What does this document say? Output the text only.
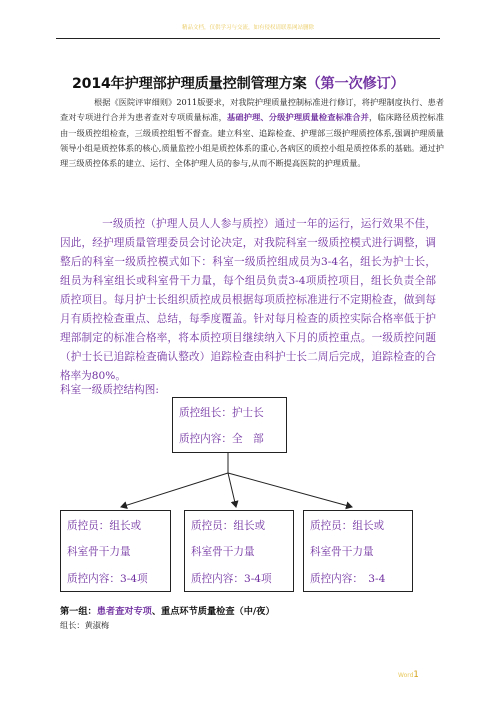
精品文档，仅供学习与交流，如有侵权请联系网站删除
2014年护理部护理质量控制管理方案（第一次修订）
根据《医院评审细则》2011版要求，对我院护理质量控制标准进行修订，将护理制度执行、患者查对专项进行合并为患者查对专项质量标准，基础护理、分级护理质量检查标准合并，临床路径质控标准由一级质控组检查，三级质控组暂不督查。建立科室、追踪检查、护理部三级护理质控体系,强调护理质量领导小组是质控体系的核心,质量监控小组是质控体系的重心,各病区的质控小组是质控体系的基础。通过护理三级质控体系的建立、运行、全体护理人员的参与,从而不断提高医院的护理质量。
一级质控（护理人员人人参与质控）通过一年的运行，运行效果不佳，因此，经护理质量管理委员会讨论决定，对我院科室一级质控模式进行调整，调整后的科室一级质控模式如下：科室一级质控组成员为3-4名，组长为护士长，组员为科室组长或科室骨干力量，每个组员负责3-4项质控项目，组长负责全部质控项目。每月护士长组织质控成员根据每项质控标准进行不定期检查，做到每月有质控检查重点、总结，每季度覆盖。针对每月检查的质控实际合格率低于护理部制定的标准合格率，将本质控项目继续纳入下月的质控重点。一级质控问题（护士长已追踪检查确认整改）追踪检查由科护士长二周后完成，追踪检查的合格率为80%。
科室一级质控结构图:
质控组长：护士长
质控内容：全　部
质控员：组长或
科室骨干力量
质控内容：3-4项
质控员：组长或
科室骨干力量
质控内容：3-4项
质控员：组长或
科室骨干力量
质控内容：　3-4
第一组：患者查对专项、重点环节质量检查（中/夜）
组长：黄淑梅
Word1
